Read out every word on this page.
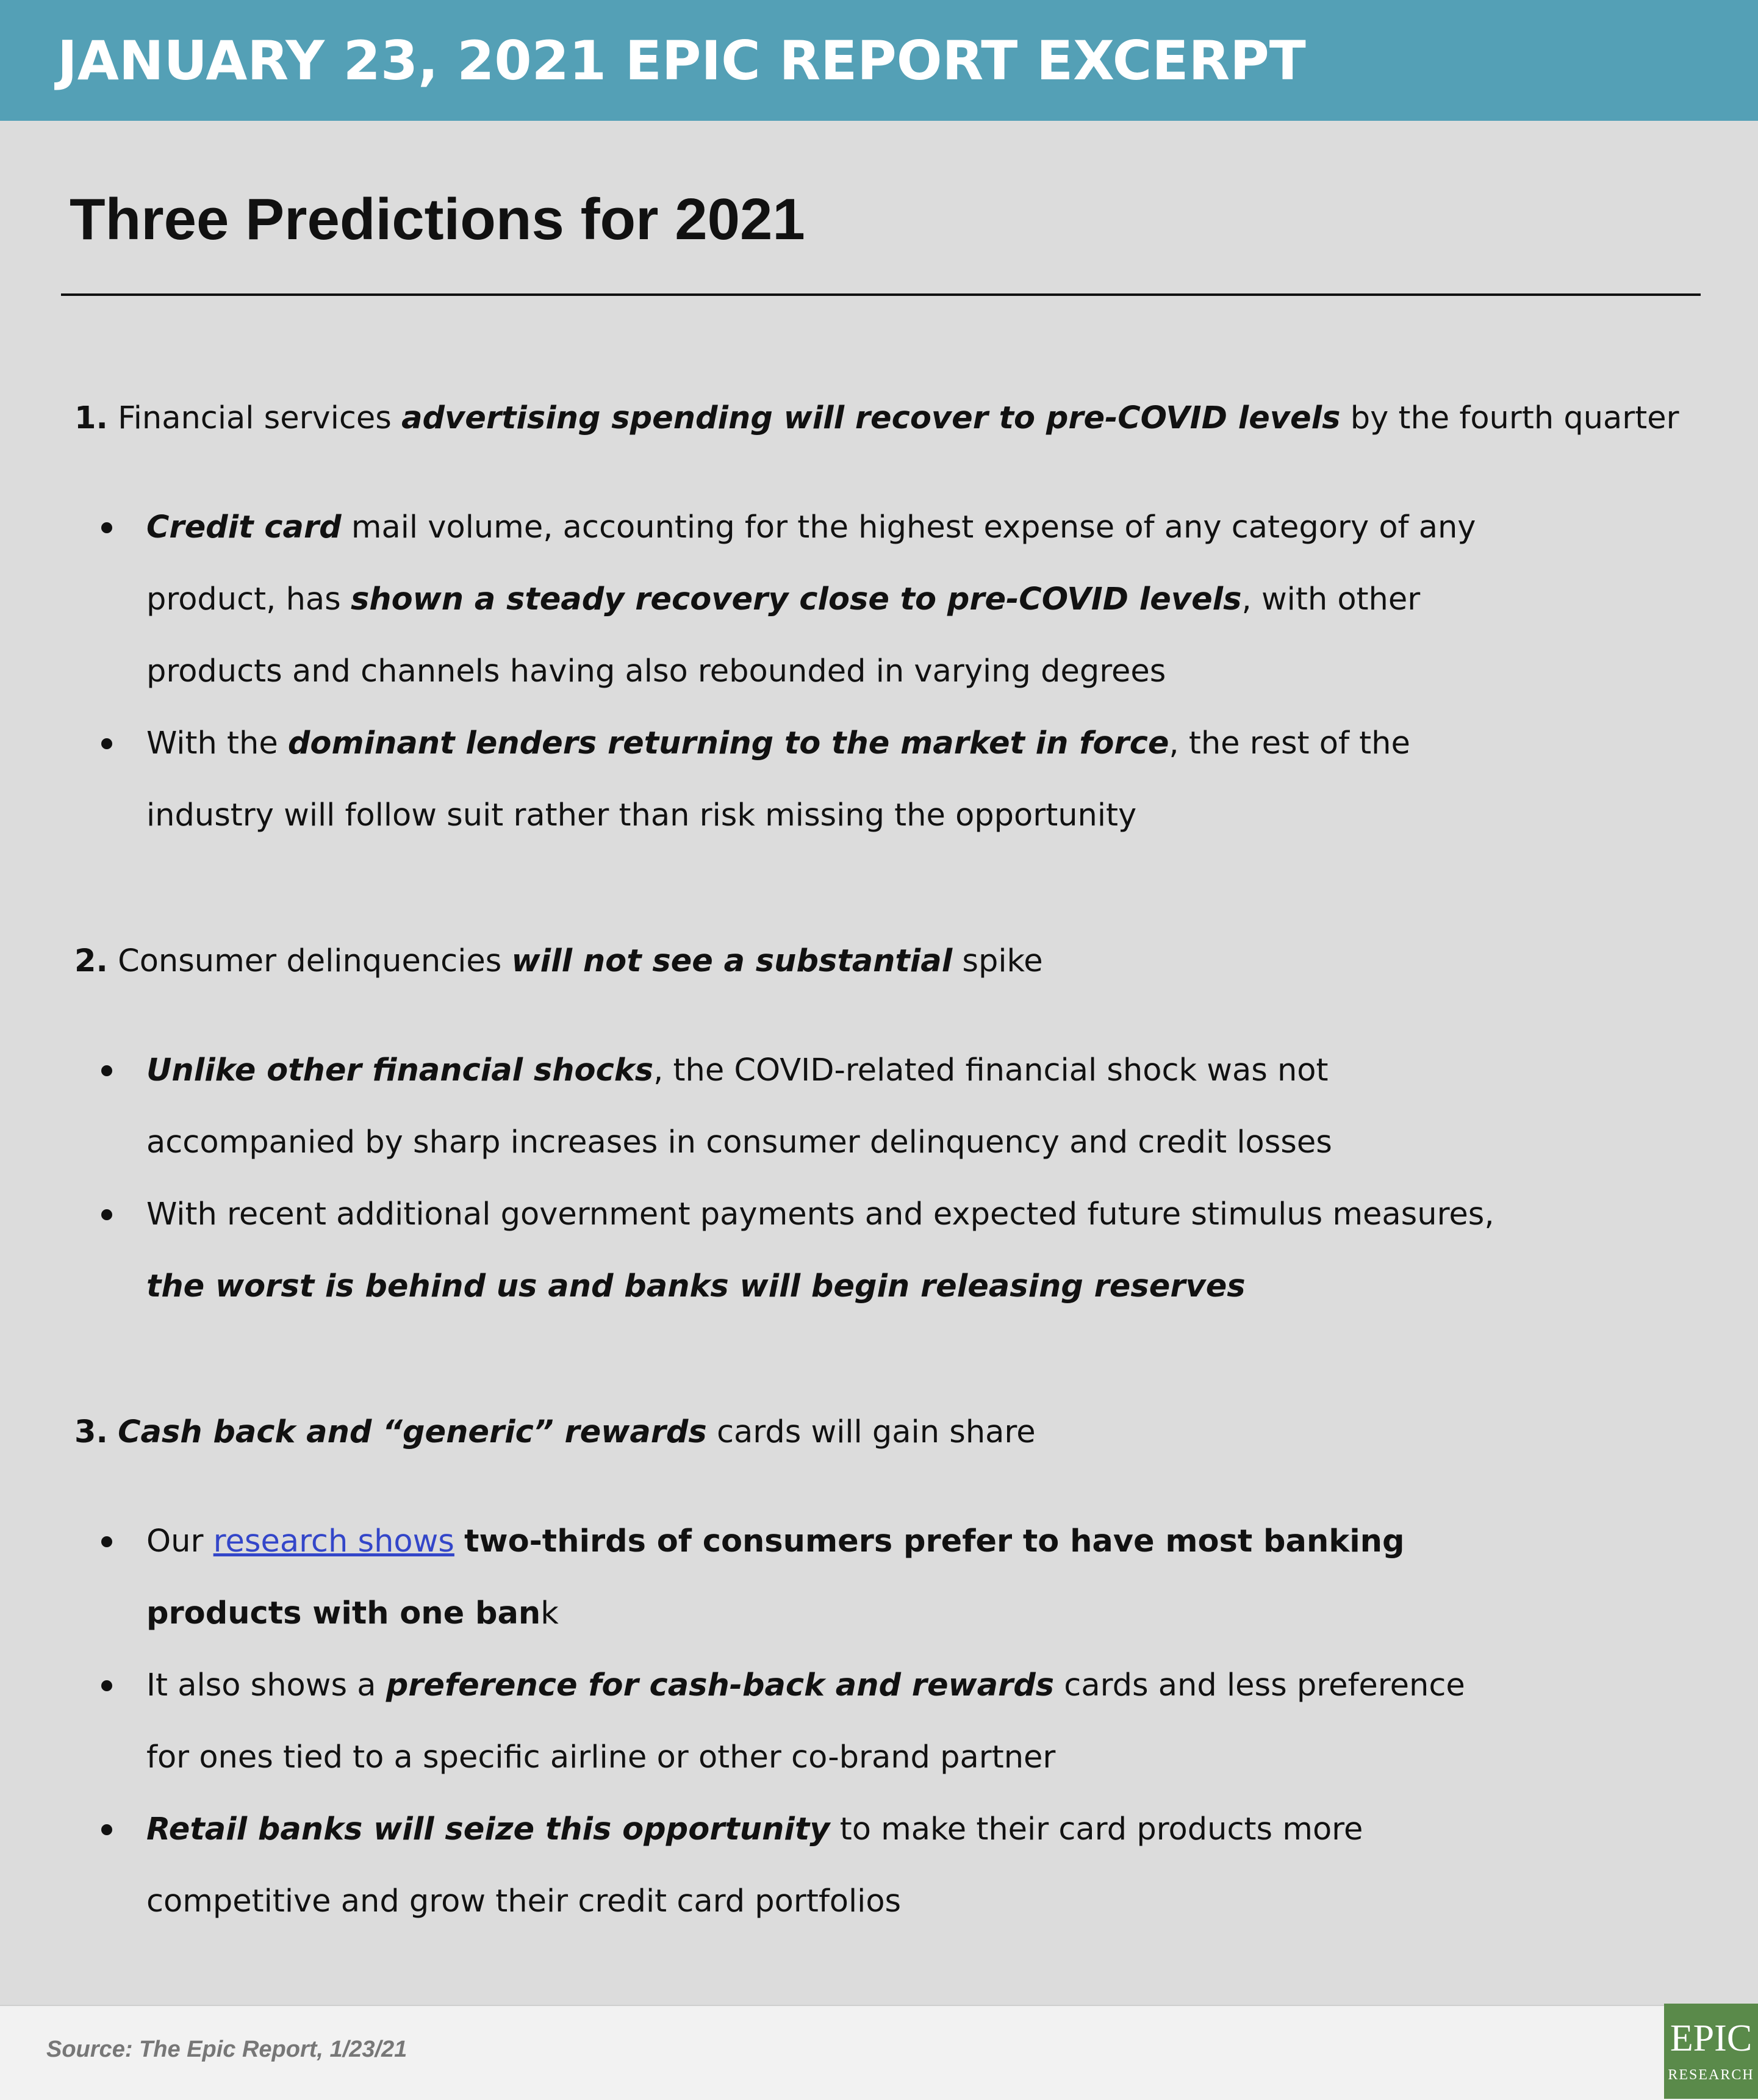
JANUARY 23, 2021 EPIC REPORT EXCERPT
Three Predictions for 2021
1. Financial services advertising spending will recover to pre-COVID levels by the fourth quarter
Credit card mail volume, accounting for the highest expense of any category of any product, has shown a steady recovery close to pre-COVID levels, with other products and channels having also rebounded in varying degrees
With the dominant lenders returning to the market in force, the rest of the industry will follow suit rather than risk missing the opportunity
2. Consumer delinquencies will not see a substantial spike
Unlike other financial shocks, the COVID-related financial shock was not accompanied by sharp increases in consumer delinquency and credit losses
With recent additional government payments and expected future stimulus measures, the worst is behind us and banks will begin releasing reserves
3. Cash back and “generic” rewards cards will gain share
Our research shows two-thirds of consumers prefer to have most banking products with one bank
It also shows a preference for cash-back and rewards cards and less preference for ones tied to a specific airline or other co-brand partner
Retail banks will seize this opportunity to make their card products more competitive and grow their credit card portfolios
Source: The Epic Report, 1/23/21	EPIC
RESEARCH
